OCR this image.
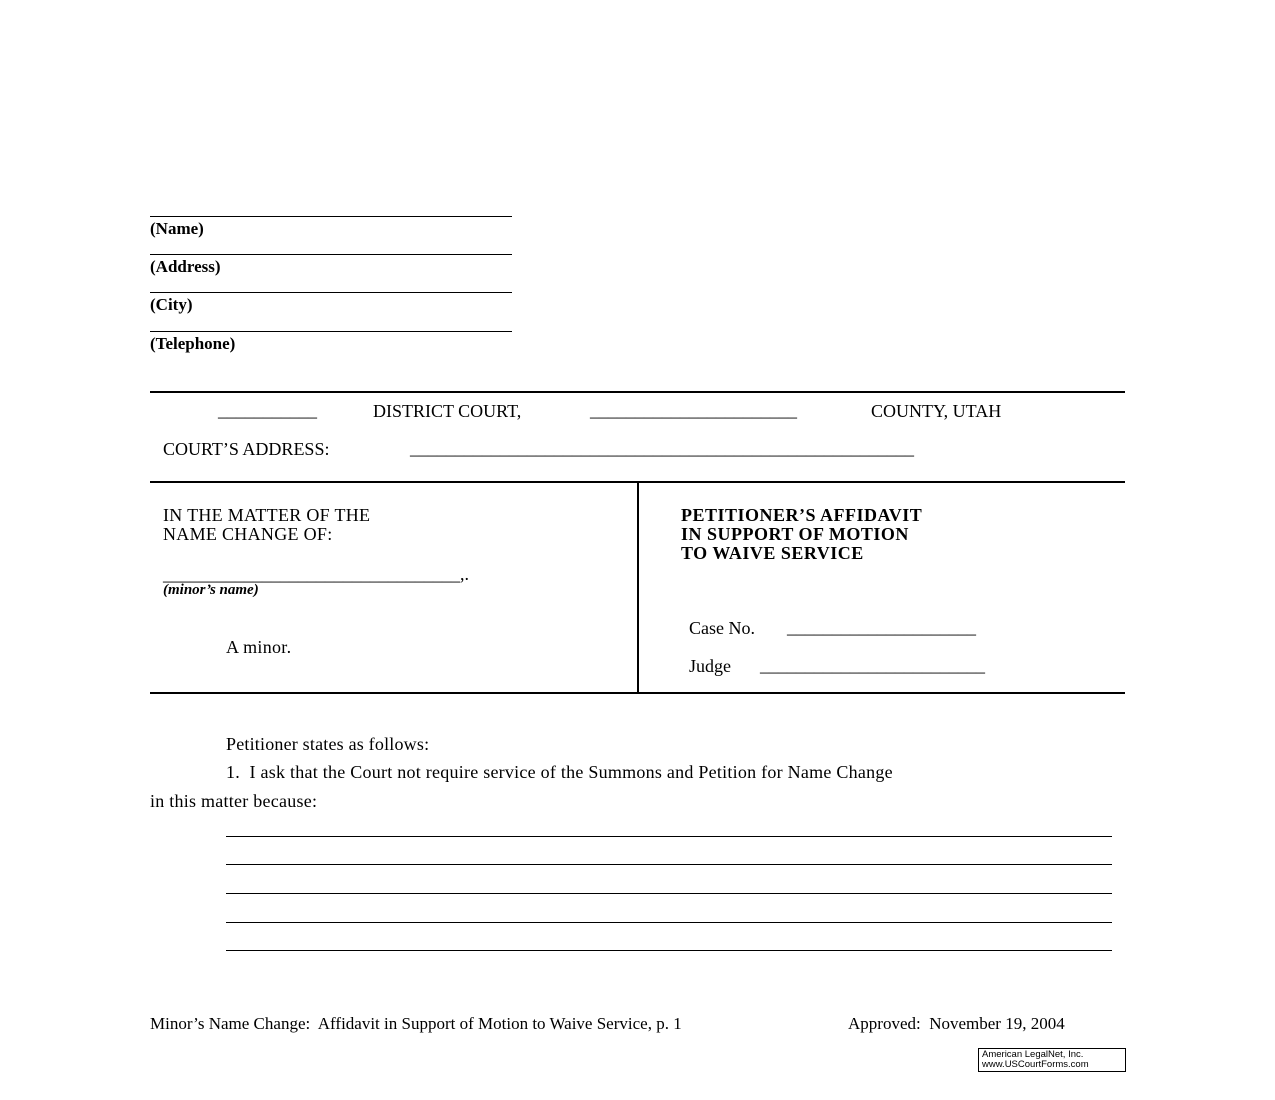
(Name)
(Address)
(City)
(Telephone)
___________	DISTRICT COURT,	_______________________	COUNTY, UTAH
COURT’S ADDRESS:	________________________________________________________
IN THE MATTER OF THE
NAME CHANGE OF:
_________________________________,.
(minor’s name)
A minor.
PETITIONER’S AFFIDAVIT
IN SUPPORT OF MOTION
TO WAIVE SERVICE
Case No. _____________________
Judge _________________________
Petitioner states as follows:
1.  I ask that the Court not require service of the Summons and Petition for Name Change
in this matter because:
Minor’s Name Change:  Affidavit in Support of Motion to Waive Service, p. 1	Approved:  November 19, 2004
American LegalNet, Inc.
www.USCourtForms.com
